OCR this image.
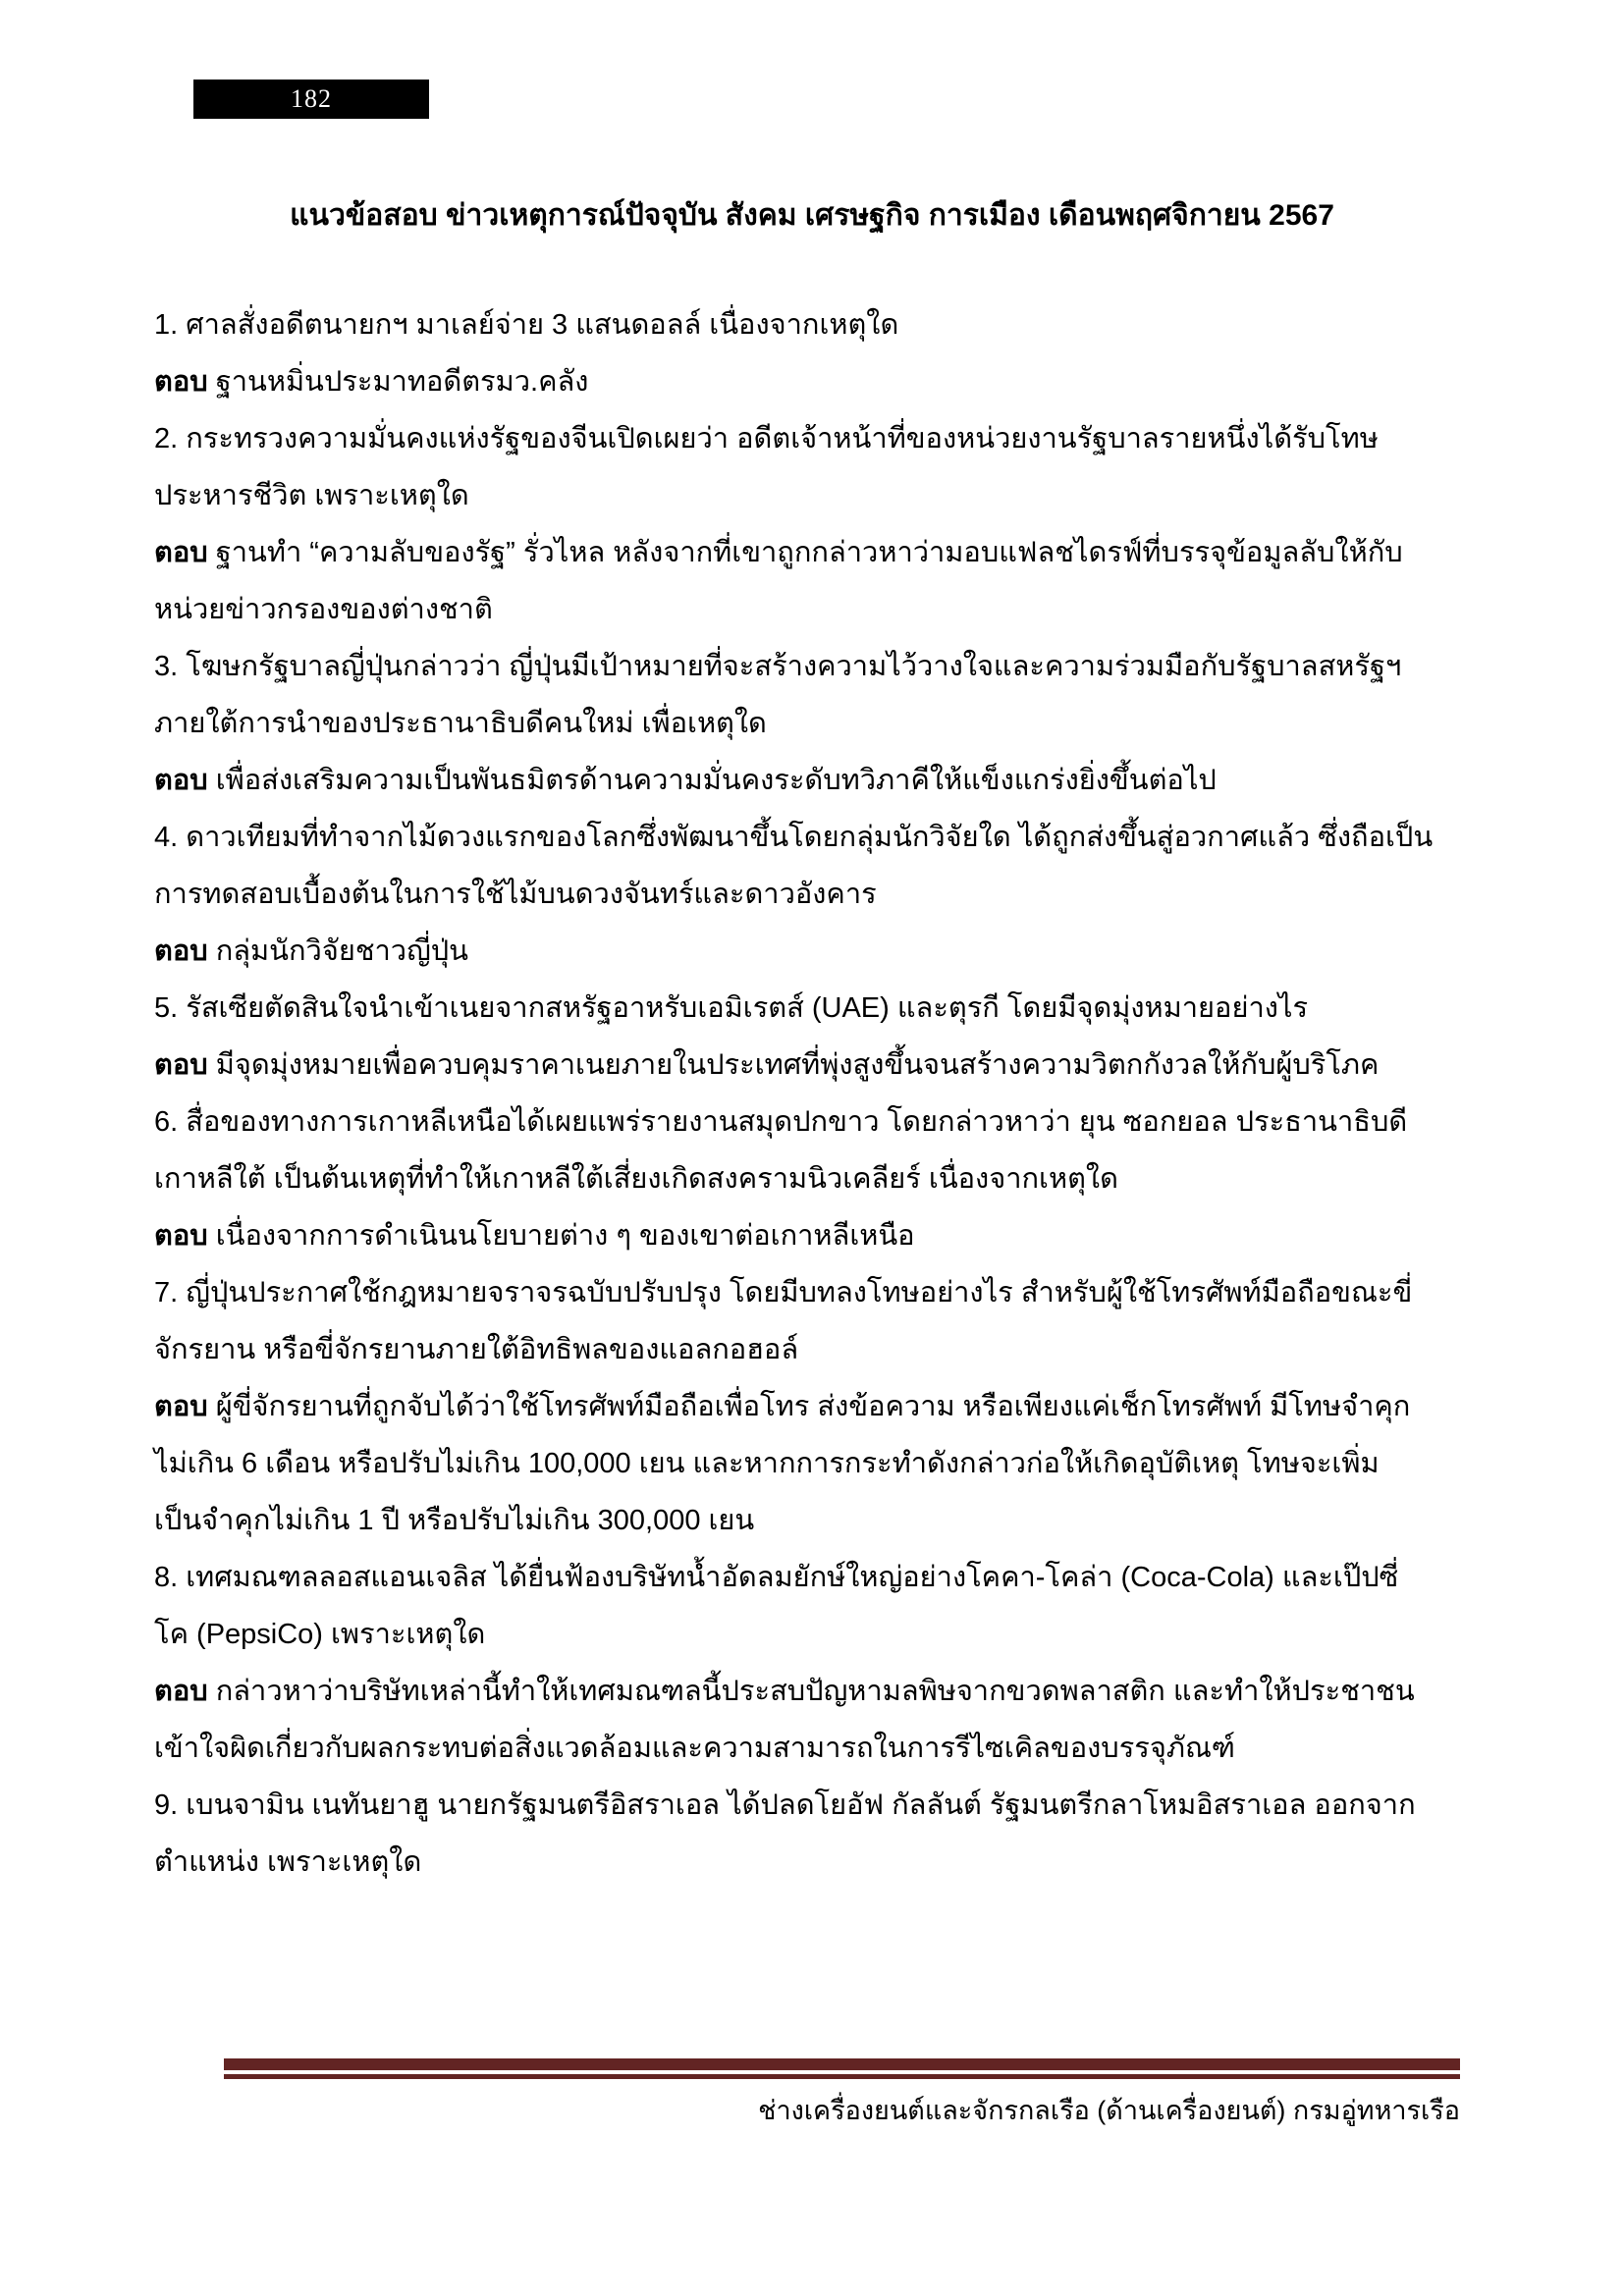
182
แนวข้อสอบ ข่าวเหตุการณ์ปัจจุบัน สังคม เศรษฐกิจ การเมือง เดือนพฤศจิกายน 2567
1. ศาลสั่งอดีตนายกฯ มาเลย์จ่าย 3 แสนดอลล์ เนื่องจากเหตุใด
ตอบ ฐานหมิ่นประมาทอดีตรมว.คลัง
2. กระทรวงความมั่นคงแห่งรัฐของจีนเปิดเผยว่า อดีตเจ้าหน้าที่ของหน่วยงานรัฐบาลรายหนึ่งได้รับโทษ
ประหารชีวิต เพราะเหตุใด
ตอบ ฐานทำ “ความลับของรัฐ” รั่วไหล หลังจากที่เขาถูกกล่าวหาว่ามอบแฟลชไดรฟ์ที่บรรจุข้อมูลลับให้กับ
หน่วยข่าวกรองของต่างชาติ
3. โฆษกรัฐบาลญี่ปุ่นกล่าวว่า ญี่ปุ่นมีเป้าหมายที่จะสร้างความไว้วางใจและความร่วมมือกับรัฐบาลสหรัฐฯ
ภายใต้การนำของประธานาธิบดีคนใหม่ เพื่อเหตุใด
ตอบ เพื่อส่งเสริมความเป็นพันธมิตรด้านความมั่นคงระดับทวิภาคีให้แข็งแกร่งยิ่งขึ้นต่อไป
4. ดาวเทียมที่ทำจากไม้ดวงแรกของโลกซึ่งพัฒนาขึ้นโดยกลุ่มนักวิจัยใด ได้ถูกส่งขึ้นสู่อวกาศแล้ว ซึ่งถือเป็น
การทดสอบเบื้องต้นในการใช้ไม้บนดวงจันทร์และดาวอังคาร
ตอบ กลุ่มนักวิจัยชาวญี่ปุ่น
5. รัสเซียตัดสินใจนำเข้าเนยจากสหรัฐอาหรับเอมิเรตส์ (UAE) และตุรกี โดยมีจุดมุ่งหมายอย่างไร
ตอบ มีจุดมุ่งหมายเพื่อควบคุมราคาเนยภายในประเทศที่พุ่งสูงขึ้นจนสร้างความวิตกกังวลให้กับผู้บริโภค
6. สื่อของทางการเกาหลีเหนือได้เผยแพร่รายงานสมุดปกขาว โดยกล่าวหาว่า ยุน ซอกยอล ประธานาธิบดี
เกาหลีใต้ เป็นต้นเหตุที่ทำให้เกาหลีใต้เสี่ยงเกิดสงครามนิวเคลียร์ เนื่องจากเหตุใด
ตอบ เนื่องจากการดำเนินนโยบายต่าง ๆ ของเขาต่อเกาหลีเหนือ
7. ญี่ปุ่นประกาศใช้กฎหมายจราจรฉบับปรับปรุง โดยมีบทลงโทษอย่างไร สำหรับผู้ใช้โทรศัพท์มือถือขณะขี่
จักรยาน หรือขี่จักรยานภายใต้อิทธิพลของแอลกอฮอล์
ตอบ ผู้ขี่จักรยานที่ถูกจับได้ว่าใช้โทรศัพท์มือถือเพื่อโทร ส่งข้อความ หรือเพียงแค่เช็กโทรศัพท์ มีโทษจำคุก
ไม่เกิน 6 เดือน หรือปรับไม่เกิน 100,000 เยน และหากการกระทำดังกล่าวก่อให้เกิดอุบัติเหตุ โทษจะเพิ่ม
เป็นจำคุกไม่เกิน 1 ปี หรือปรับไม่เกิน 300,000 เยน
8. เทศมณฑลลอสแอนเจลิส ได้ยื่นฟ้องบริษัทน้ำอัดลมยักษ์ใหญ่อย่างโคคา-โคล่า (Coca-Cola) และเป๊ปซี่
โค (PepsiCo) เพราะเหตุใด
ตอบ กล่าวหาว่าบริษัทเหล่านี้ทำให้เทศมณฑลนี้ประสบปัญหามลพิษจากขวดพลาสติก และทำให้ประชาชน
เข้าใจผิดเกี่ยวกับผลกระทบต่อสิ่งแวดล้อมและความสามารถในการรีไซเคิลของบรรจุภัณฑ์
9. เบนจามิน เนทันยาฮู นายกรัฐมนตรีอิสราเอล ได้ปลดโยอัฟ กัลลันต์ รัฐมนตรีกลาโหมอิสราเอล ออกจาก
ตำแหน่ง เพราะเหตุใด
ช่างเครื่องยนต์และจักรกลเรือ (ด้านเครื่องยนต์) กรมอู่ทหารเรือ
